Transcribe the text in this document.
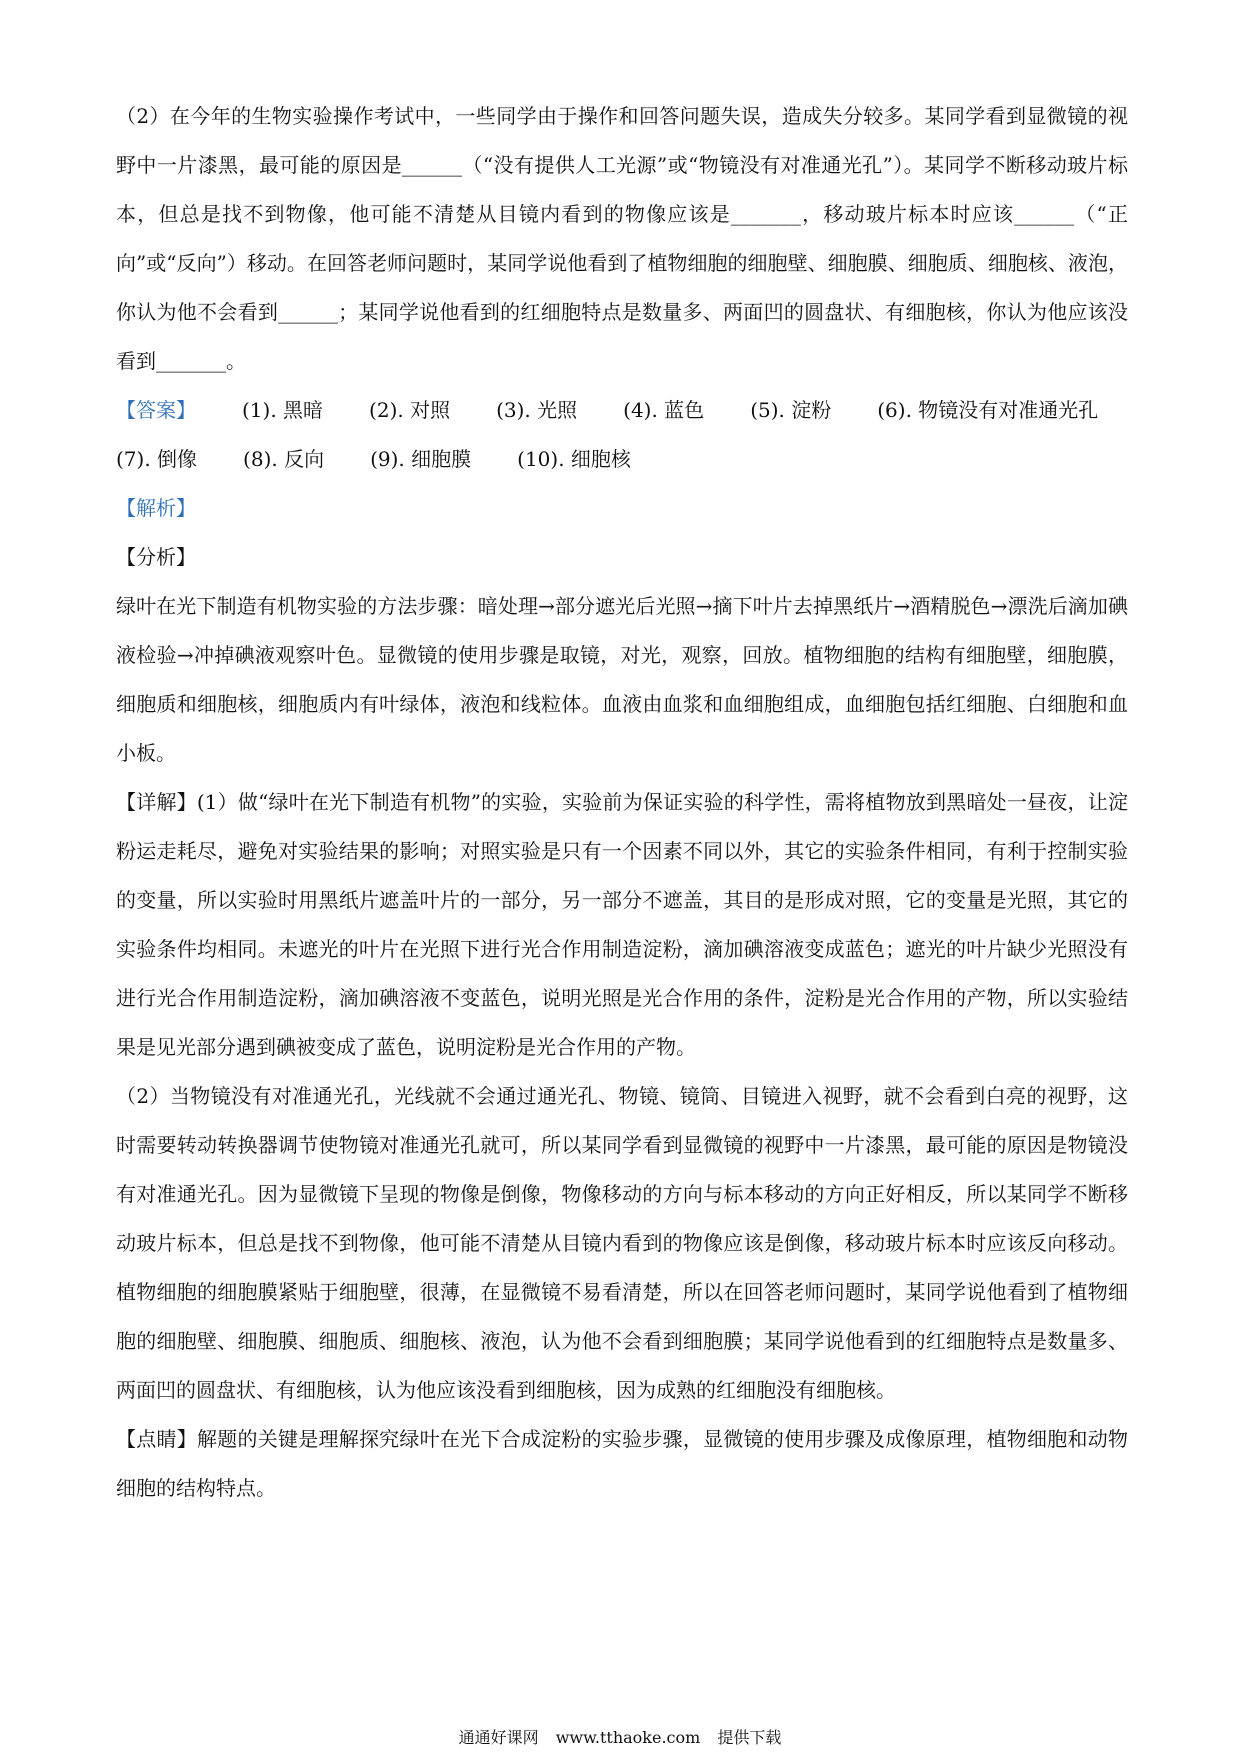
（2）在今年的生物实验操作考试中，一些同学由于操作和回答问题失误，造成失分较多。某同学看到显微镜的视野中一片漆黑，最可能的原因是______（“没有提供人工光源”或“物镜没有对准通光孔”）。某同学不断移动玻片标本，但总是找不到物像，他可能不清楚从目镜内看到的物像应该是_______，移动玻片标本时应该______（“正向”或“反向”）移动。在回答老师问题时，某同学说他看到了植物细胞的细胞壁、细胞膜、细胞质、细胞核、液泡，你认为他不会看到______；某同学说他看到的红细胞特点是数量多、两面凹的圆盘状、有细胞核，你认为他应该没看到_______。

【答案】 (1). 黑暗 (2). 对照 (3). 光照 (4). 蓝色 (5). 淀粉 (6). 物镜没有对准通光孔
(7). 倒像 (8). 反向 (9). 细胞膜 (10). 细胞核

【解析】

【分析】

绿叶在光下制造有机物实验的方法步骤：暗处理→部分遮光后光照→摘下叶片去掉黑纸片→酒精脱色→漂洗后滴加碘液检验→冲掉碘液观察叶色。显微镜的使用步骤是取镜，对光，观察，回放。植物细胞的结构有细胞壁，细胞膜，细胞质和细胞核，细胞质内有叶绿体，液泡和线粒体。血液由血浆和血细胞组成，血细胞包括红细胞、白细胞和血小板。

【详解】(1）做“绿叶在光下制造有机物”的实验，实验前为保证实验的科学性，需将植物放到黑暗处一昼夜，让淀粉运走耗尽，避免对实验结果的影响；对照实验是只有一个因素不同以外，其它的实验条件相同，有利于控制实验的变量，所以实验时用黑纸片遮盖叶片的一部分，另一部分不遮盖，其目的是形成对照，它的变量是光照，其它的实验条件均相同。未遮光的叶片在光照下进行光合作用制造淀粉，滴加碘溶液变成蓝色；遮光的叶片缺少光照没有进行光合作用制造淀粉，滴加碘溶液不变蓝色，说明光照是光合作用的条件，淀粉是光合作用的产物，所以实验结果是见光部分遇到碘被变成了蓝色，说明淀粉是光合作用的产物。

（2）当物镜没有对准通光孔，光线就不会通过通光孔、物镜、镜筒、目镜进入视野，就不会看到白亮的视野，这时需要转动转换器调节使物镜对准通光孔就可，所以某同学看到显微镜的视野中一片漆黑，最可能的原因是物镜没有对准通光孔。因为显微镜下呈现的物像是倒像，物像移动的方向与标本移动的方向正好相反，所以某同学不断移动玻片标本，但总是找不到物像，他可能不清楚从目镜内看到的物像应该是倒像，移动玻片标本时应该反向移动。植物细胞的细胞膜紧贴于细胞壁，很薄，在显微镜不易看清楚，所以在回答老师问题时，某同学说他看到了植物细胞的细胞壁、细胞膜、细胞质、细胞核、液泡，认为他不会看到细胞膜；某同学说他看到的红细胞特点是数量多、两面凹的圆盘状、有细胞核，认为他应该没看到细胞核，因为成熟的红细胞没有细胞核。

【点睛】解题的关键是理解探究绿叶在光下合成淀粉的实验步骤，显微镜的使用步骤及成像原理，植物细胞和动物细胞的结构特点。

通通好课网 www.tthaoke.com 提供下载
